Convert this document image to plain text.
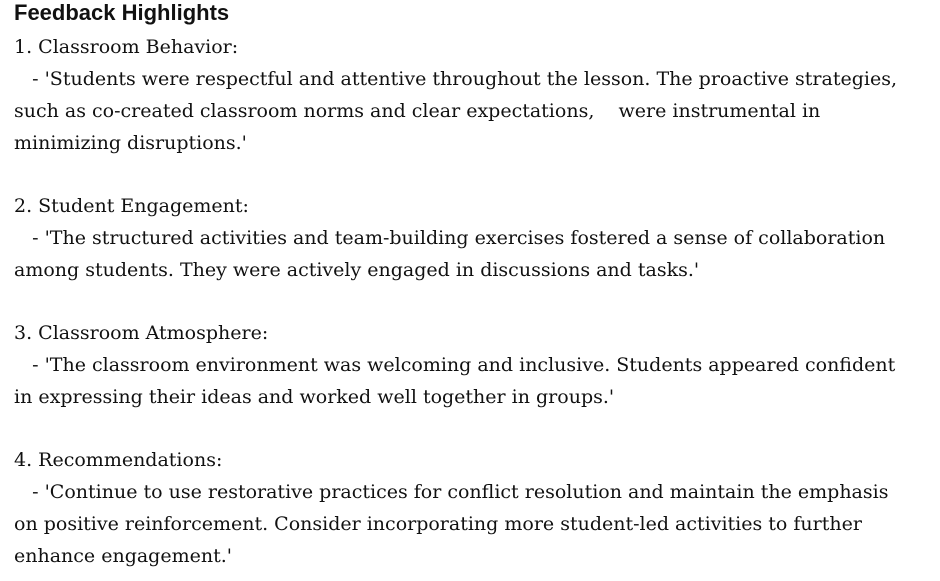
Feedback Highlights
1. Classroom Behavior:
- 'Students were respectful and attentive throughout the lesson. The proactive strategies,
such as co-created classroom norms and clear expectations,    were instrumental in
minimizing disruptions.'
2. Student Engagement:
- 'The structured activities and team-building exercises fostered a sense of collaboration
among students. They were actively engaged in discussions and tasks.'
3. Classroom Atmosphere:
- 'The classroom environment was welcoming and inclusive. Students appeared confident
in expressing their ideas and worked well together in groups.'
4. Recommendations:
- 'Continue to use restorative practices for conflict resolution and maintain the emphasis
on positive reinforcement. Consider incorporating more student-led activities to further
enhance engagement.'
